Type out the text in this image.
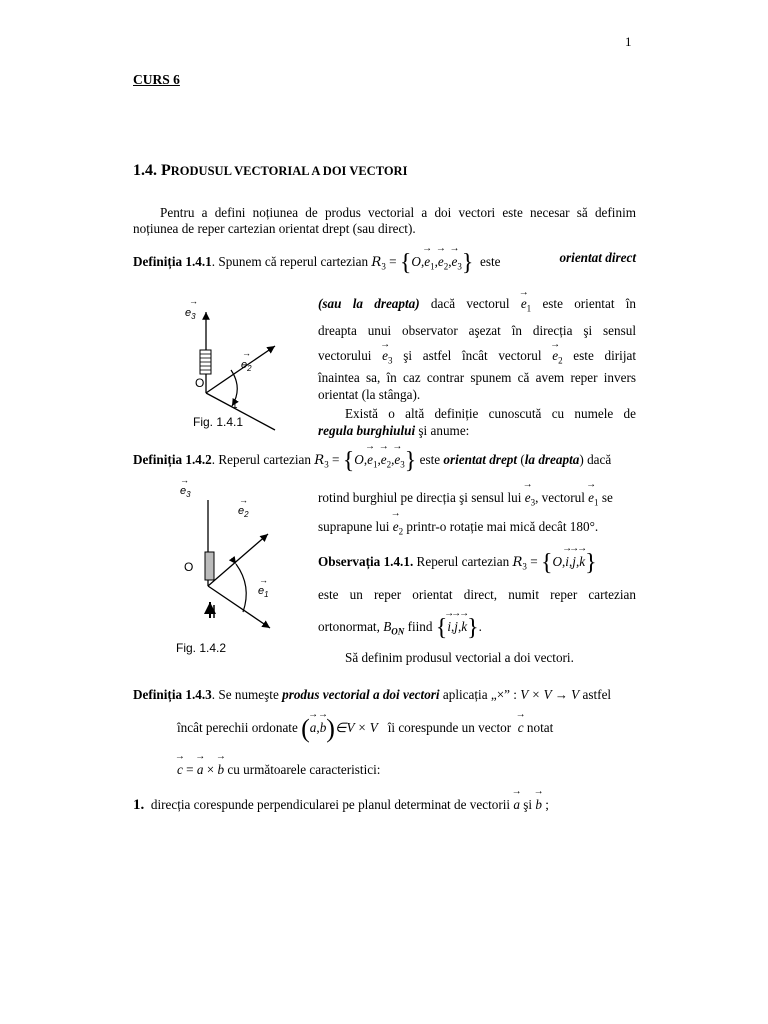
1
CURS 6
1.4. PRODUSUL VECTORIAL A DOI VECTORI
Pentru a defini noțiunea de produs vectorial a doi vectori este necesar să definim
noțiunea de reper cartezian orientat drept (sau direct).
Definiția 1.4.1. Spunem că reperul cartezian $R_3 = \{O,\to e_1,\to e_2,\to e_3\}$ este	orientat direct
$e_3$
→
$e_2$
→
O
1
Fig. 1.4.1
(sau la dreapta) dacă vectorul → $e_1$ este orientat în
dreapta unui observator aşezat în direcția şi sensul
vectorului → $e_3$ şi astfel încât vectorul → $e_2$ este dirijat
înaintea sa, în caz contrar spunem că avem reper invers
orientat (la stânga).
Există o altă definiție cunoscută cu numele de
regula burghiului şi anume:
Definiția 1.4.2. Reperul cartezian $R_3 = \{O,\to e_1,\to e_2,\to e_3\}$ este orientat drept (la dreapta) dacă
$e_3$
→
$e_2$
→
$e_1$
→
O
Fig. 1.4.2
rotind burghiul pe direcția şi sensul lui → $e_3$, vectorul → $e_1$ se
suprapune lui → $e_2$ printr-o rotație mai mică decât 180°.
Observația 1.4.1. Reperul cartezian $R_3 = \{O,\to i,\to j,\to k\}$
este un reper orientat direct, numit reper cartezian
ortonormat, $B_{ON}$ fiind {→ i,→ j,→ k}.
Să definim produsul vectorial a doi vectori.
Definiția 1.4.3. Se numeşte produs vectorial a doi vectori aplicația „×” : V × V → V astfel
încât perechii ordonate (→ a,→ b)∈V × V îi corespunde un vector → c notat
→ c = → a × → b cu următoarele caracteristici:
1. direcția corespunde perpendicularei pe planul determinat de vectorii → a şi → b ;
